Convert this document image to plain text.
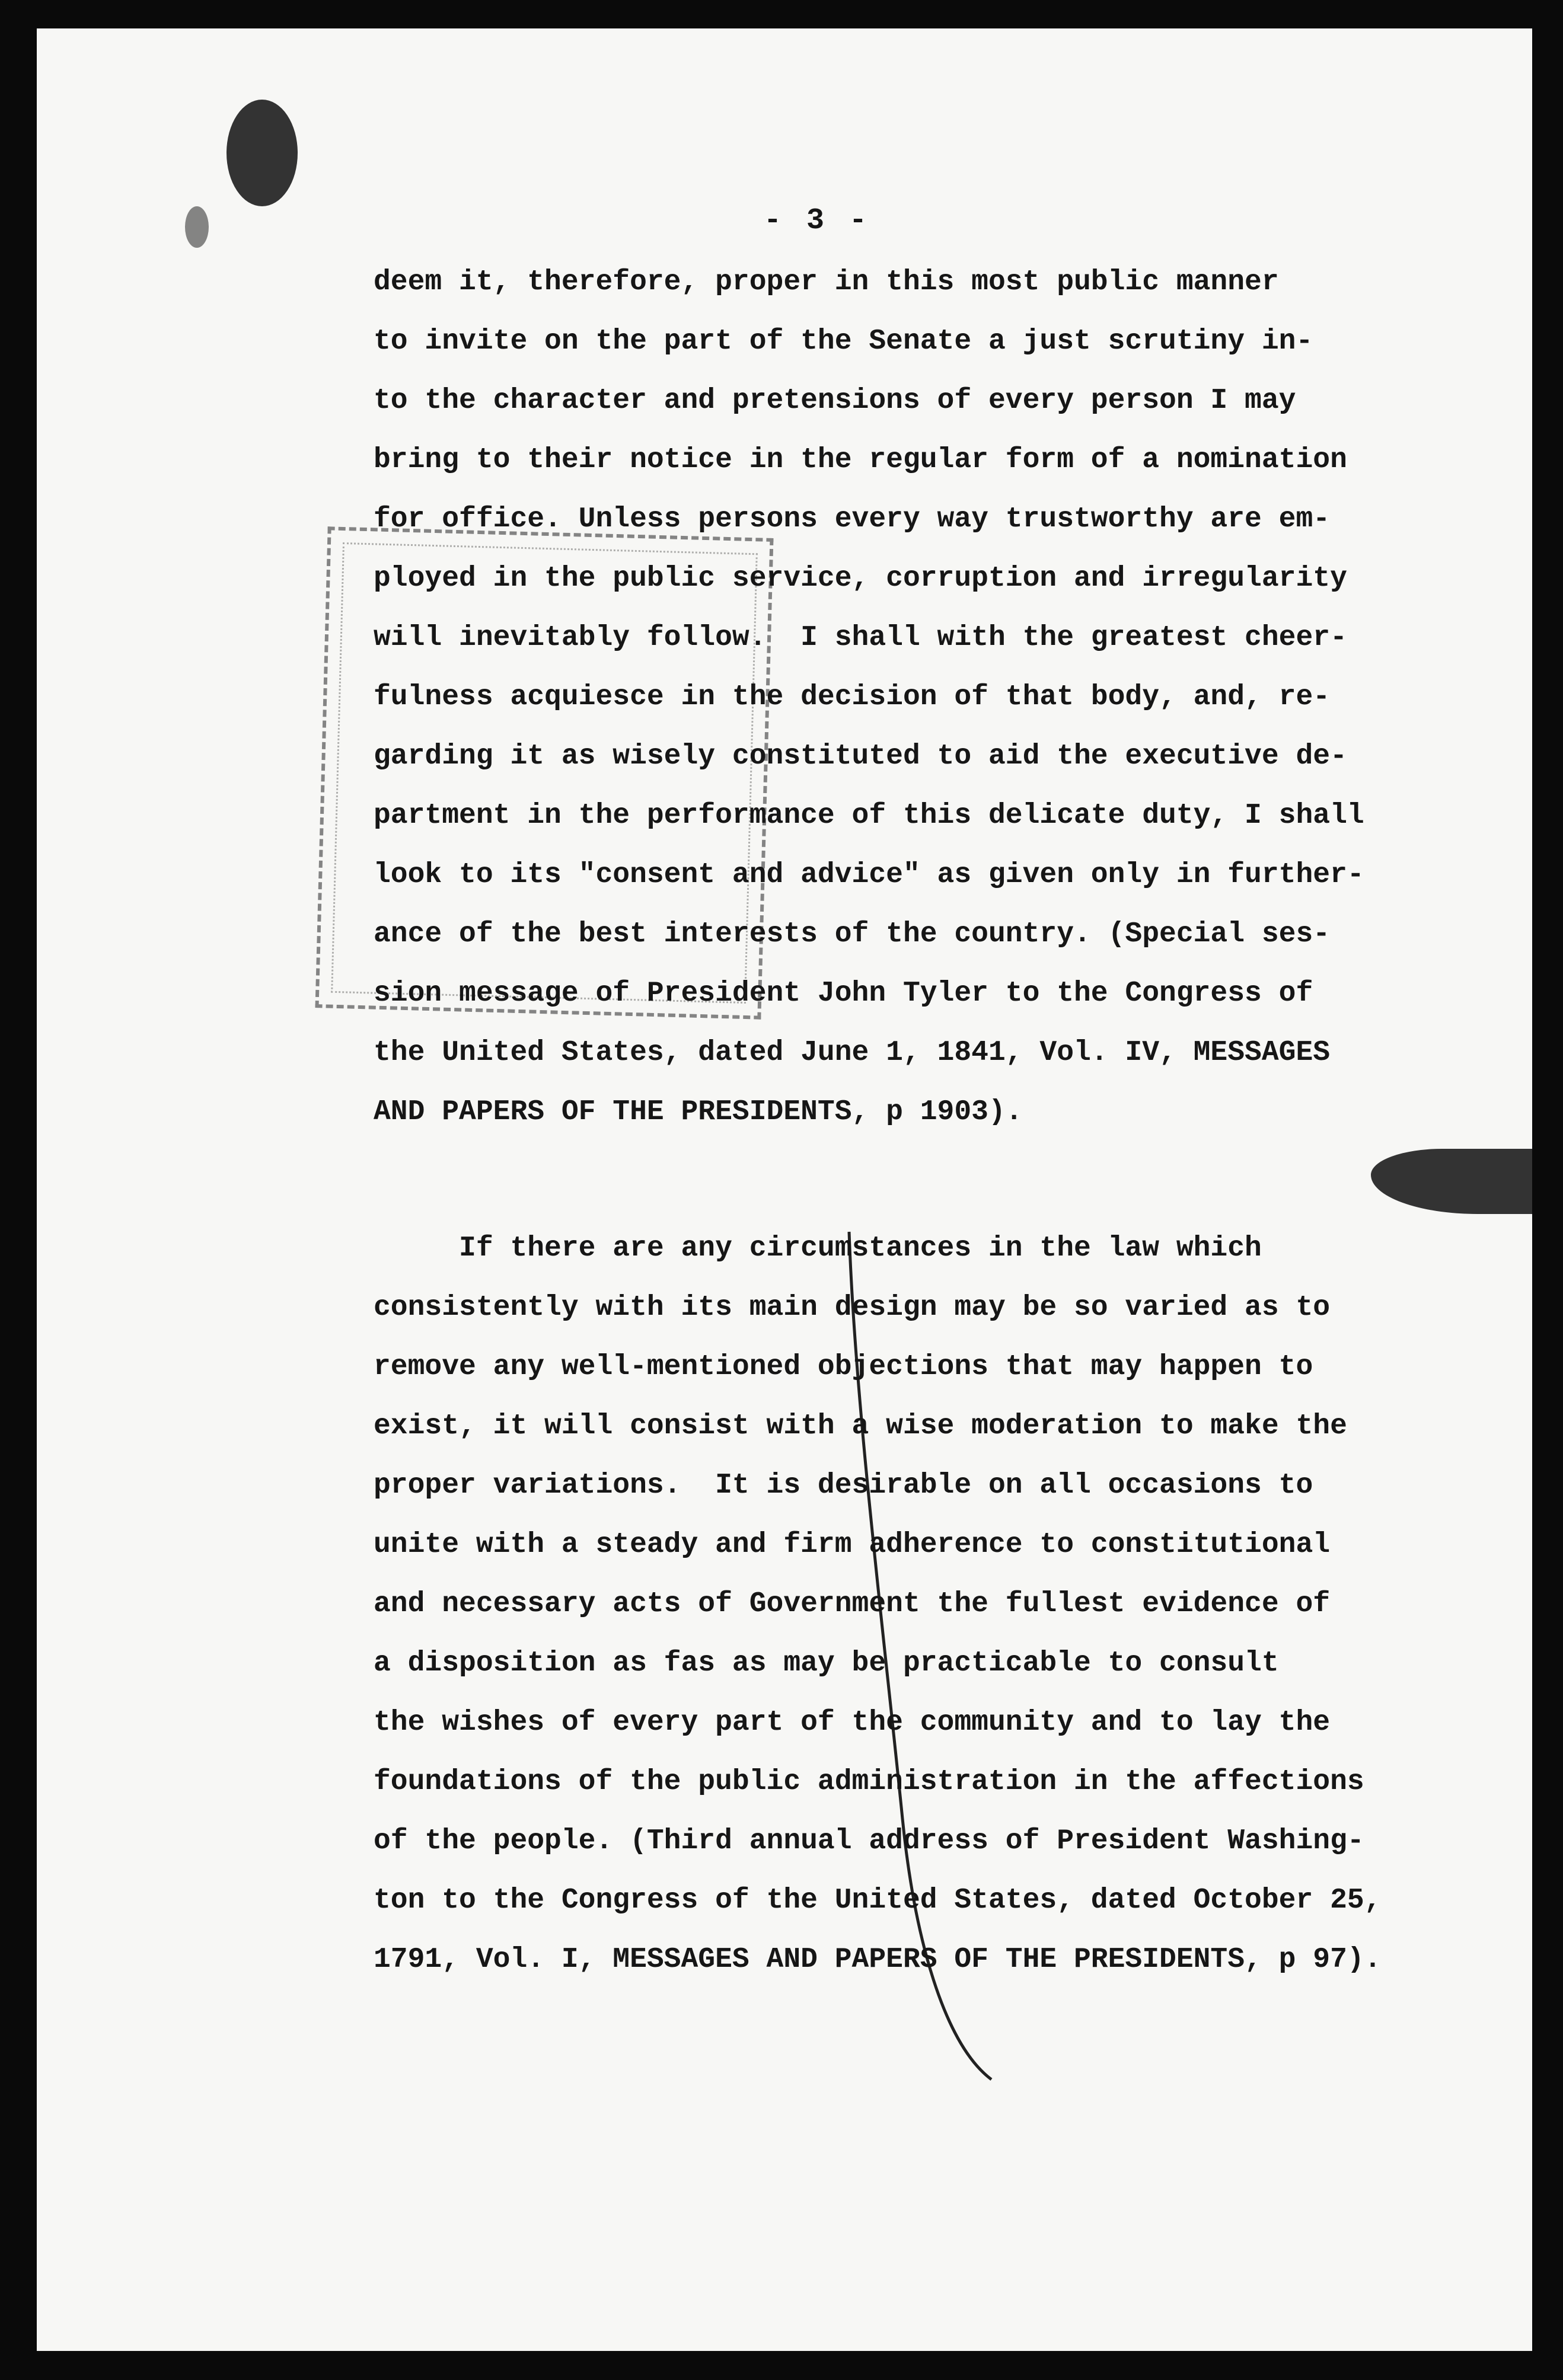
- 3 -
deem it, therefore, proper in this most public manner
to invite on the part of the Senate a just scrutiny in-
to the character and pretensions of every person I may
bring to their notice in the regular form of a nomination
for office. Unless persons every way trustworthy are em-
ployed in the public service, corruption and irregularity
will inevitably follow.  I shall with the greatest cheer-
fulness acquiesce in the decision of that body, and, re-
garding it as wisely constituted to aid the executive de-
partment in the performance of this delicate duty, I shall
look to its "consent and advice" as given only in further-
ance of the best interests of the country. (Special ses-
sion message of President John Tyler to the Congress of
the United States, dated June 1, 1841, Vol. IV, MESSAGES
AND PAPERS OF THE PRESIDENTS, p 1903).
If there are any circumstances in the law which
consistently with its main design may be so varied as to
remove any well-mentioned objections that may happen to
exist, it will consist with a wise moderation to make the
proper variations.  It is desirable on all occasions to
unite with a steady and firm adherence to constitutional
and necessary acts of Government the fullest evidence of
a disposition as fas as may be practicable to consult
the wishes of every part of the community and to lay the
foundations of the public administration in the affections
of the people. (Third annual address of President Washing-
ton to the Congress of the United States, dated October 25,
1791, Vol. I, MESSAGES AND PAPERS OF THE PRESIDENTS, p 97).
